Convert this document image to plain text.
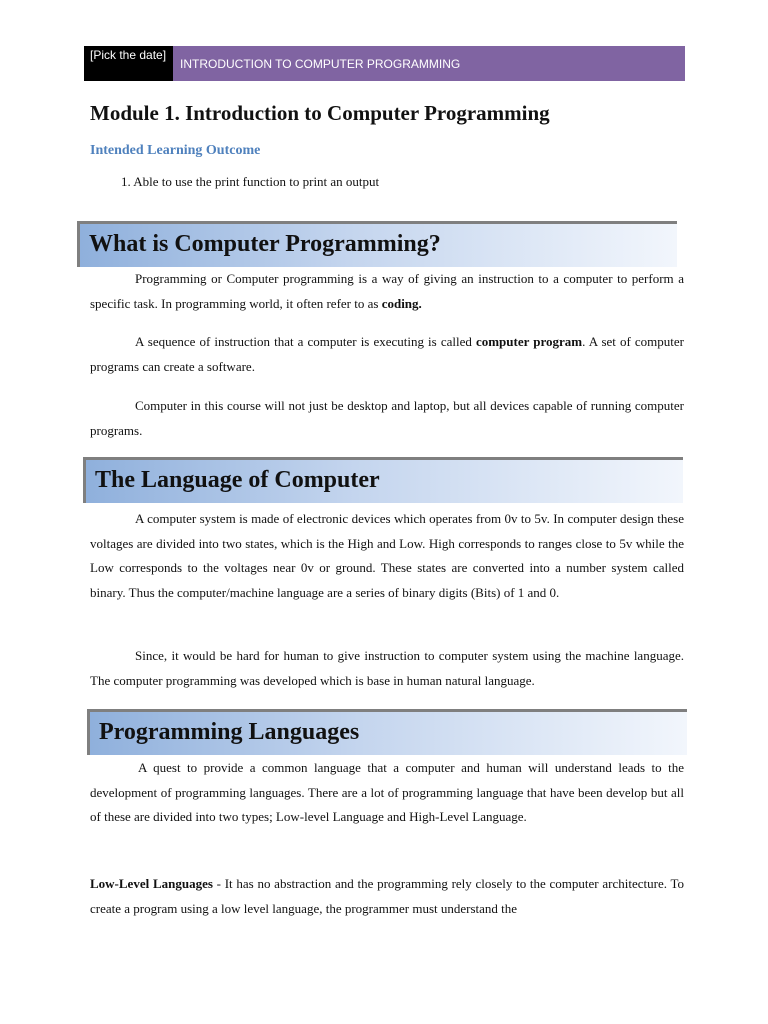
[Pick the date]
INTRODUCTION TO COMPUTER PROGRAMMING
Module 1. Introduction to Computer Programming
Intended Learning Outcome

1. Able to use the print function to print an output

What is Computer Programming?

Programming or Computer programming is a way of giving an instruction to a computer to perform a specific task. In programming world, it often refer to as coding.

A sequence of instruction that a computer is executing is called computer program. A set of computer programs can create a software.

Computer in this course will not just be desktop and laptop, but all devices capable of running computer programs.

The Language of Computer

A computer system is made of electronic devices which operates from 0v to 5v. In computer design these voltages are divided into two states, which is the High and Low. High corresponds to ranges close to 5v while the Low corresponds to the voltages near 0v or ground. These states are converted into a number system called binary. Thus the computer/machine language are a series of binary digits (Bits) of 1 and 0.

Since, it would be hard for human to give instruction to computer system using the machine language. The computer programming was developed which is base in human natural language.

Programming Languages

A quest to provide a common language that a computer and human will understand leads to the development of programming languages. There are a lot of programming language that have been develop but all of these are divided into two types; Low-level Language and High-Level Language.

Low-Level Languages - It has no abstraction and the programming rely closely to the computer architecture. To create a program using a low level language, the programmer must understand the
